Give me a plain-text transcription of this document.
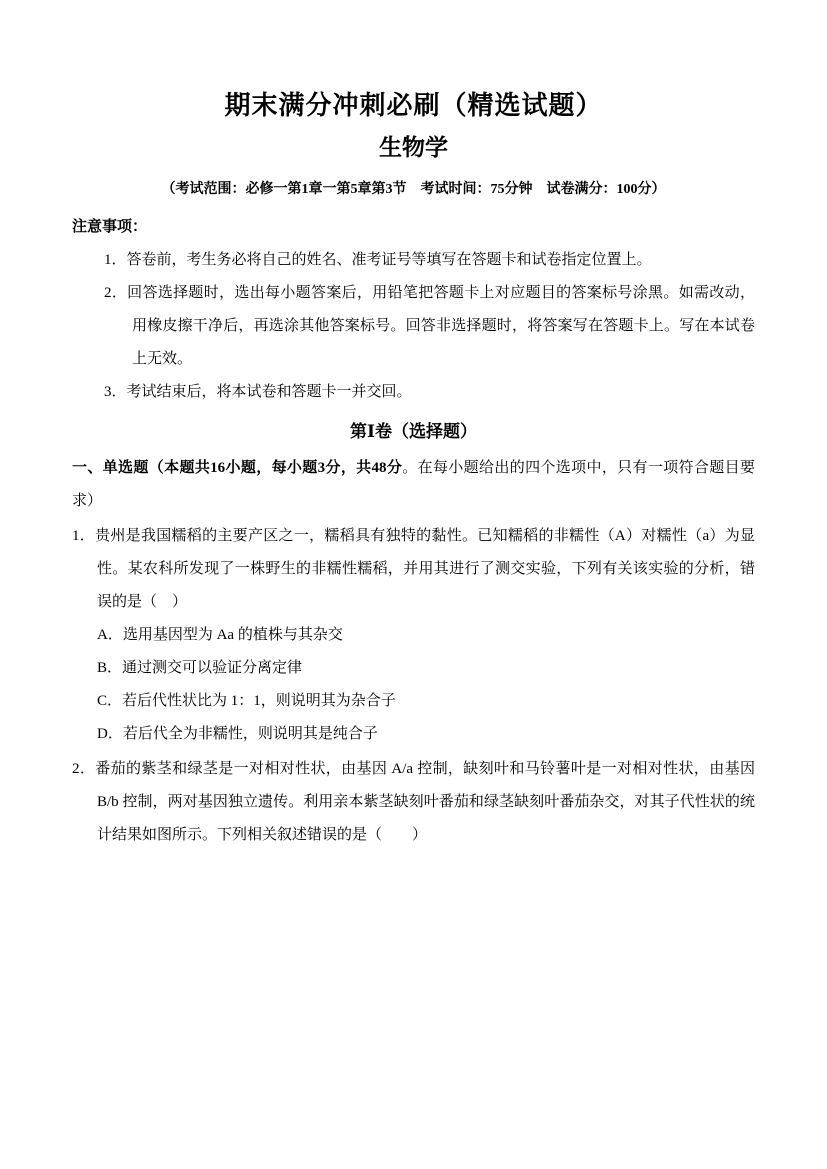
期末满分冲刺必刷（精选试题）
生物学

（考试范围：必修一第1章一第5章第3节　考试时间：75分钟　试卷满分：100分）

注意事项：

1．答卷前，考生务必将自己的姓名、准考证号等填写在答题卡和试卷指定位置上。

2．回答选择题时，选出每小题答案后，用铅笔把答题卡上对应题目的答案标号涂黑。如需改动，用橡皮擦干净后，再选涂其他答案标号。回答非选择题时，将答案写在答题卡上。写在本试卷上无效。

3．考试结束后，将本试卷和答题卡一并交回。

第Ⅰ卷（选择题）

一、单选题（本题共16小题，每小题3分，共48分。在每小题给出的四个选项中，只有一项符合题目要求）

1．贵州是我国糯稻的主要产区之一，糯稻具有独特的黏性。已知糯稻的非糯性（A）对糯性（a）为显性。某农科所发现了一株野生的非糯性糯稻，并用其进行了测交实验，下列有关该实验的分析，错误的是（　）

A．选用基因型为 Aa 的植株与其杂交

B．通过测交可以验证分离定律

C．若后代性状比为 1：1，则说明其为杂合子

D．若后代全为非糯性，则说明其是纯合子

2．番茄的紫茎和绿茎是一对相对性状，由基因 A/a 控制，缺刻叶和马铃薯叶是一对相对性状，由基因 B/b 控制，两对基因独立遗传。利用亲本紫茎缺刻叶番茄和绿茎缺刻叶番茄杂交，对其子代性状的统计结果如图所示。下列相关叙述错误的是（　　）
